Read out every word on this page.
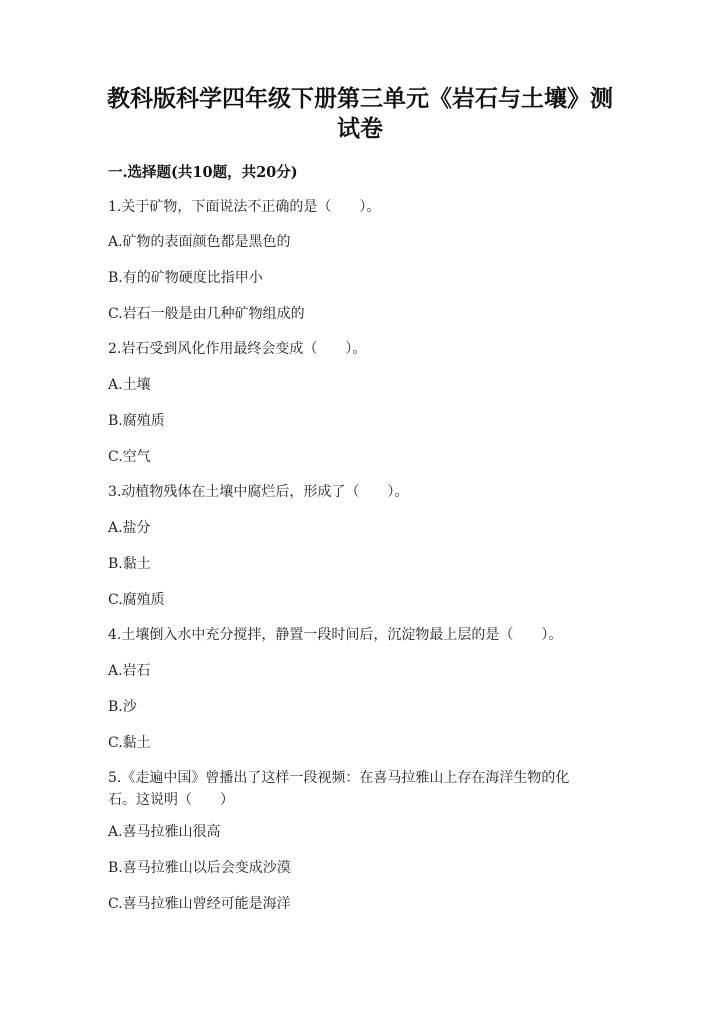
教科版科学四年级下册第三单元《岩石与土壤》测试卷
一.选择题(共10题，共20分)
1.关于矿物，下面说法不正确的是（　　）。
A.矿物的表面颜色都是黑色的
B.有的矿物硬度比指甲小
C.岩石一般是由几种矿物组成的
2.岩石受到风化作用最终会变成（　　）。
A.土壤
B.腐殖质
C.空气
3.动植物残体在土壤中腐烂后，形成了（　　）。
A.盐分
B.黏土
C.腐殖质
4.土壤倒入水中充分搅拌，静置一段时间后，沉淀物最上层的是（　　）。
A.岩石
B.沙
C.黏土
5.《走遍中国》曾播出了这样一段视频：在喜马拉雅山上存在海洋生物的化石。这说明（　　）
A.喜马拉雅山很高
B.喜马拉雅山以后会变成沙漠
C.喜马拉雅山曾经可能是海洋
